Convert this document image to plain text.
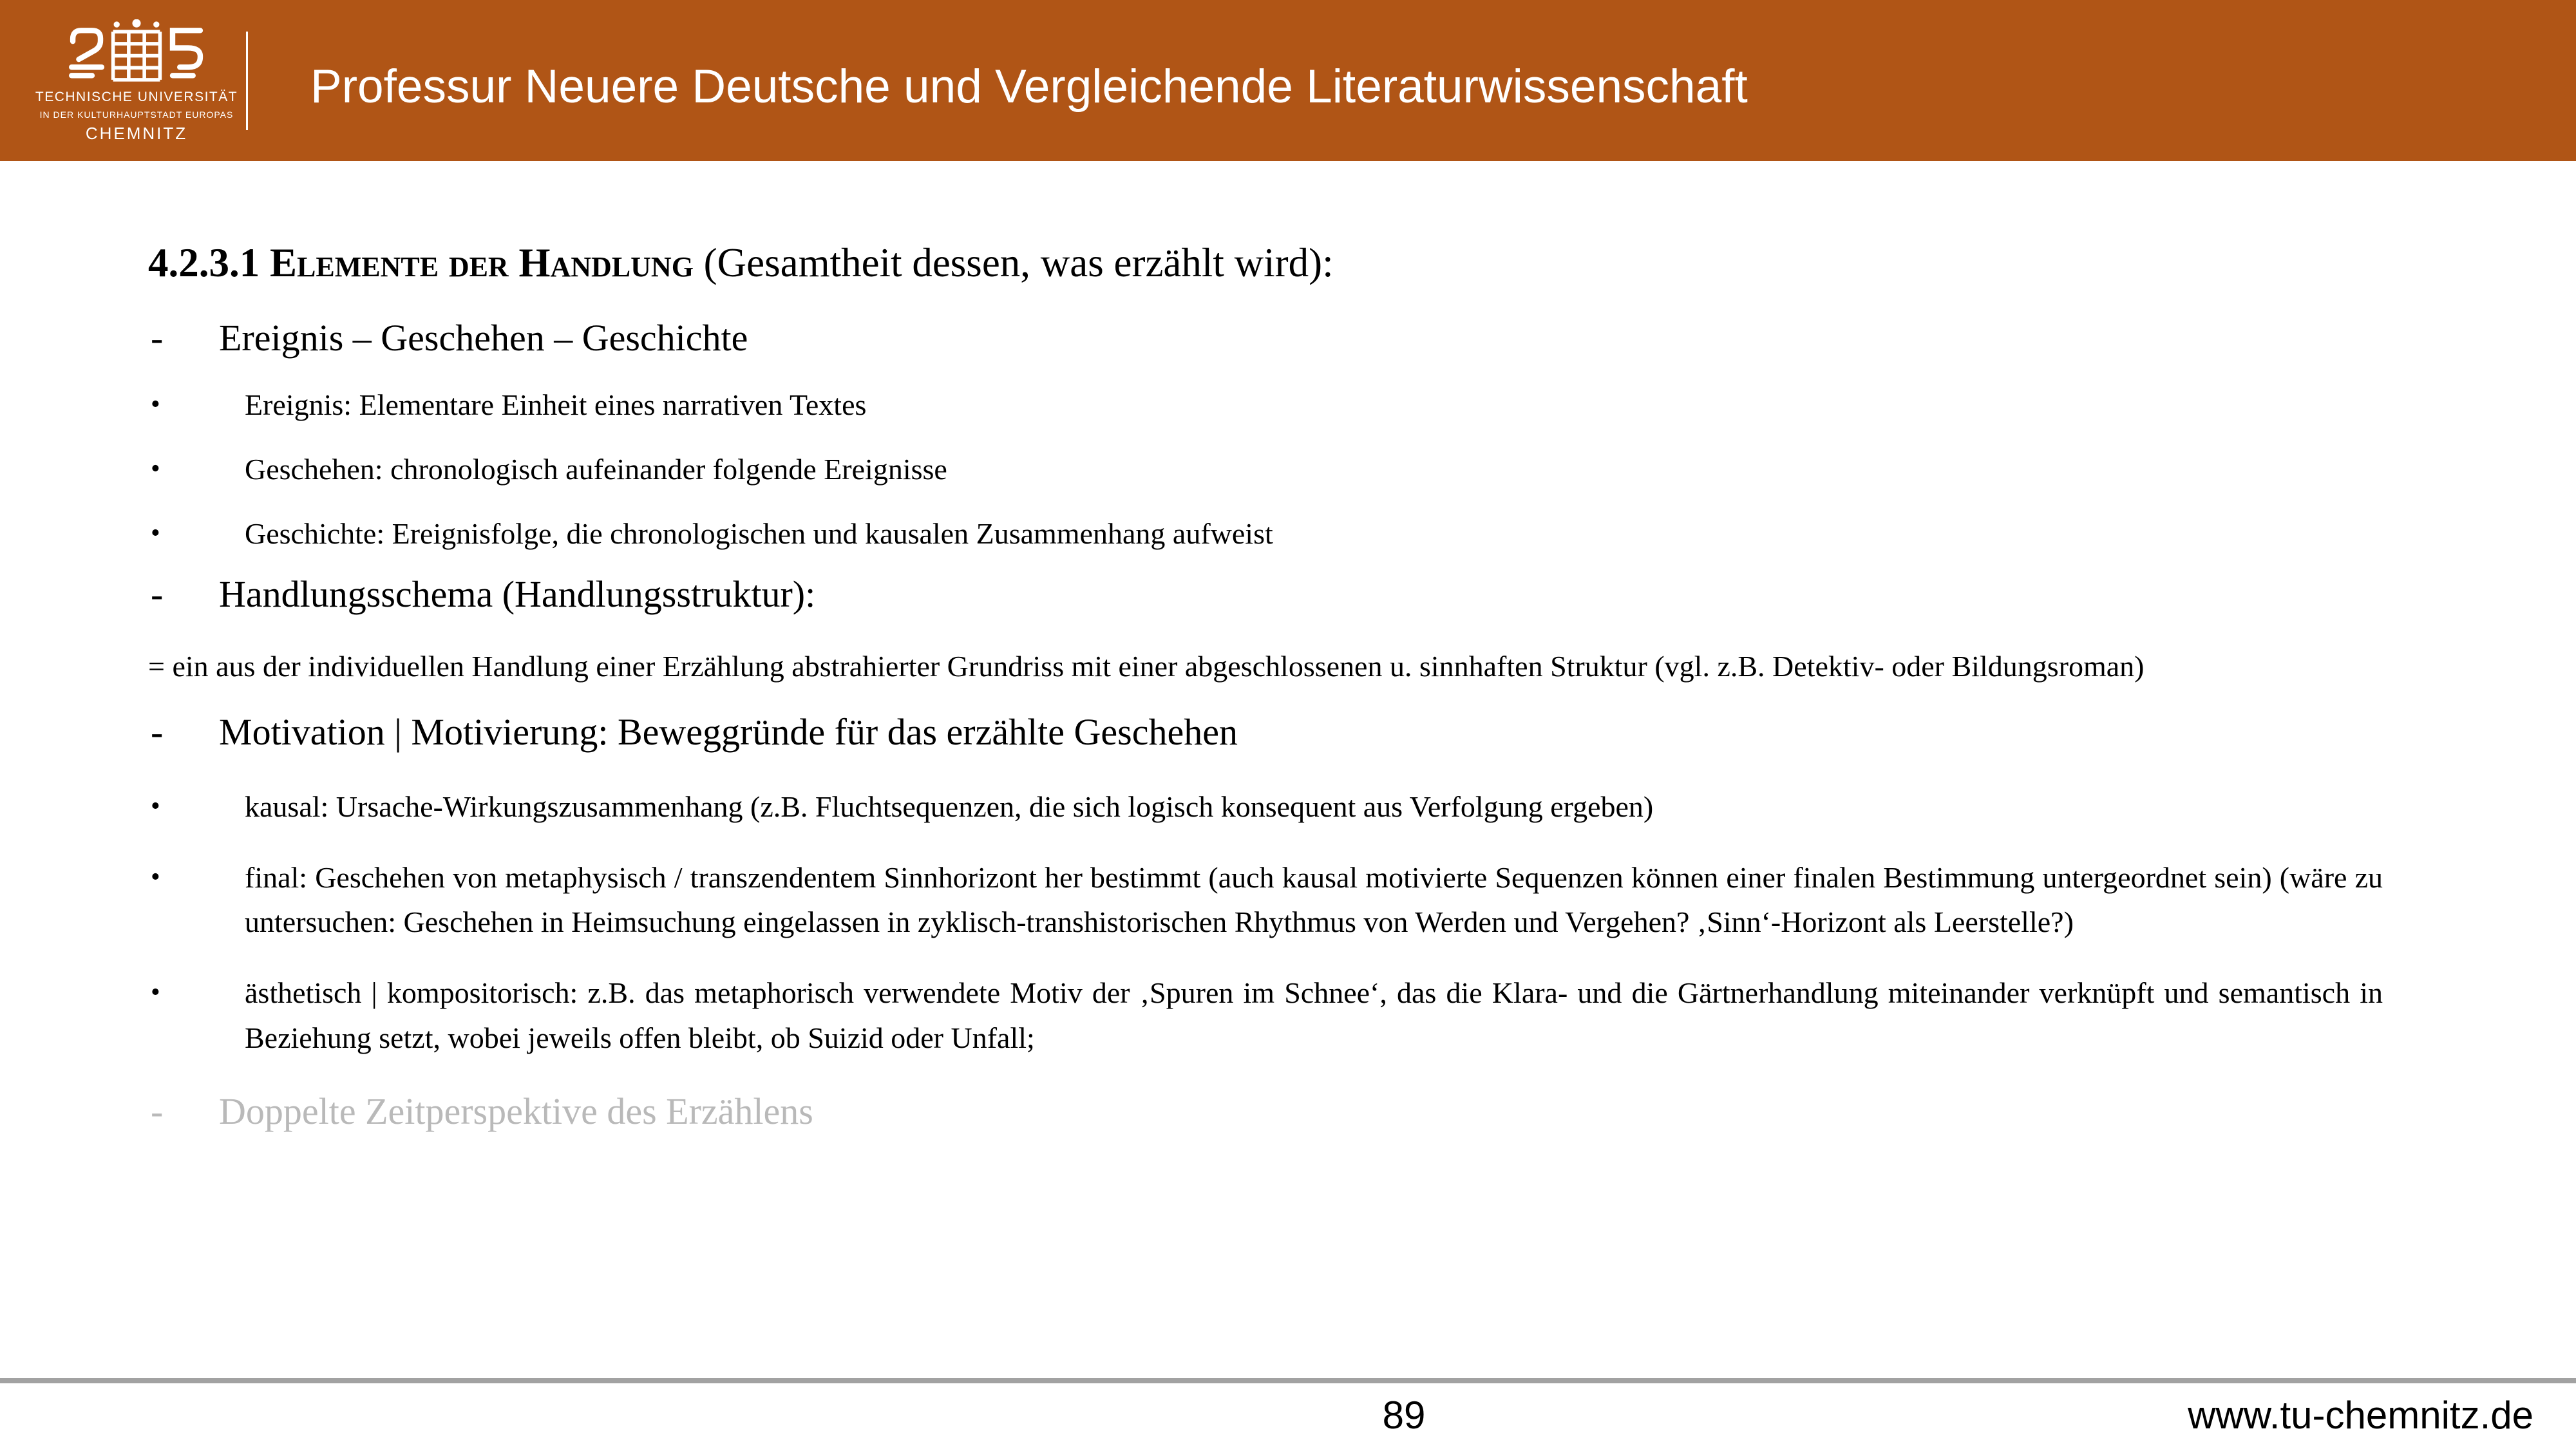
TECHNISCHE UNIVERSITÄT
IN DER KULTURHAUPTSTADT EUROPAS
CHEMNITZ
Professur Neuere Deutsche und Vergleichende Literaturwissenschaft
4.2.3.1 Elemente der Handlung (Gesamtheit dessen, was erzählt wird):
- Ereignis – Geschehen – Geschichte
•	Ereignis: Elementare Einheit eines narrativen Textes
•	Geschehen: chronologisch aufeinander folgende Ereignisse
•	Geschichte: Ereignisfolge, die chronologischen und kausalen Zusammenhang aufweist
- Handlungsschema (Handlungsstruktur):
= ein aus der individuellen Handlung einer Erzählung abstrahierter Grundriss mit einer abgeschlossenen u. sinnhaften Struktur (vgl. z.B. Detektiv- oder Bildungsroman)
- Motivation | Motivierung: Beweggründe für das erzählte Geschehen
•	kausal: Ursache-Wirkungszusammenhang (z.B. Fluchtsequenzen, die sich logisch konsequent aus Verfolgung ergeben)
•	final: Geschehen von metaphysisch / transzendentem Sinnhorizont her bestimmt (auch kausal motivierte Sequenzen können einer finalen Bestimmung untergeordnet sein) (wäre zu untersuchen: Geschehen in Heimsuchung eingelassen in zyklisch-transhistorischen Rhythmus von Werden und Vergehen? ‚Sinn‘-Horizont als Leerstelle?)
•	ästhetisch | kompositorisch: z.B. das metaphorisch verwendete Motiv der ‚Spuren im Schnee‘, das die Klara- und die Gärtnerhandlung miteinander verknüpft und semantisch in Beziehung setzt, wobei jeweils offen bleibt, ob Suizid oder Unfall;
- Doppelte Zeitperspektive des Erzählens
89	www.tu-chemnitz.de
